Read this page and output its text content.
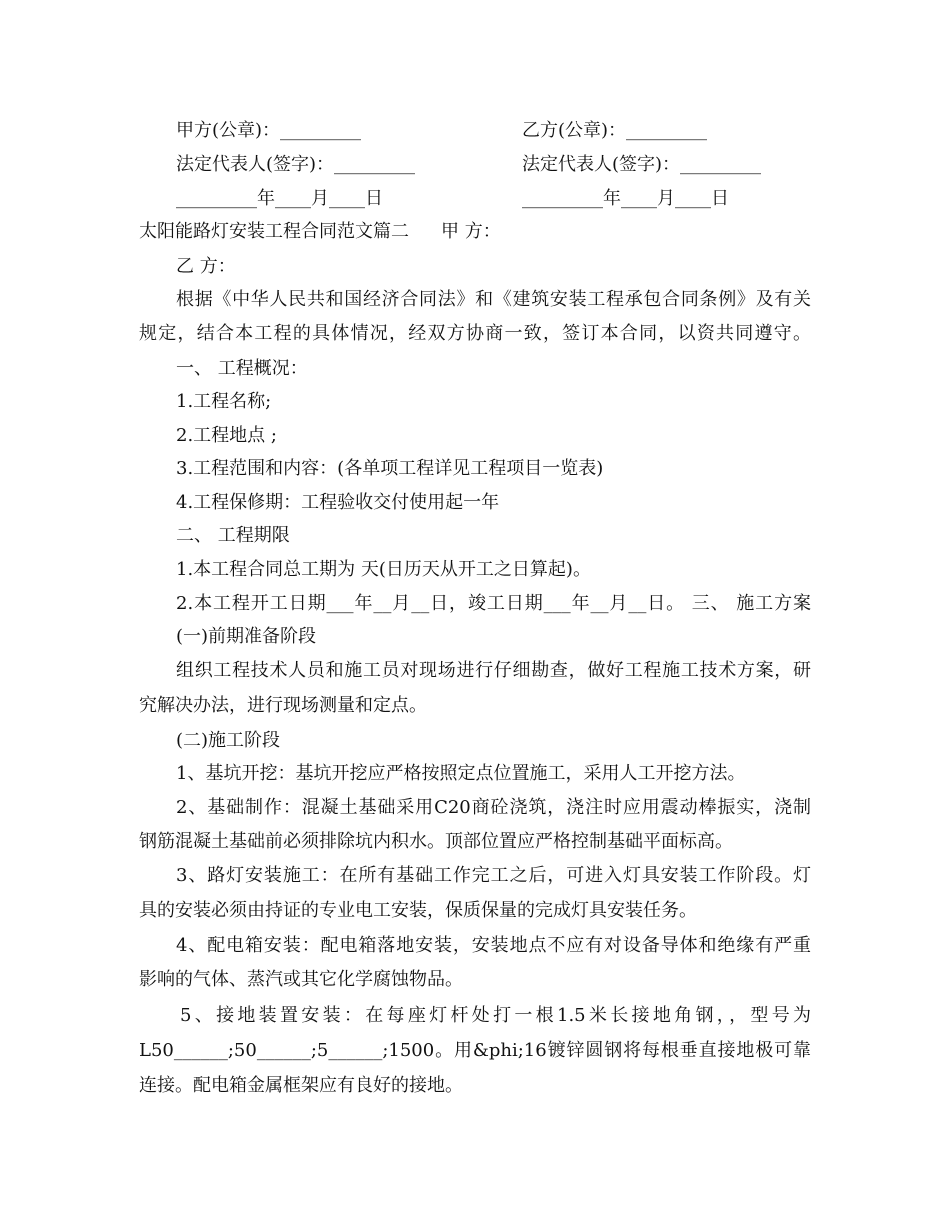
甲方(公章)：_________	乙方(公章)：_________
法定代表人(签字)：_________	法定代表人(签字)：_________
_________年____月____日	_________年____月____日
太阳能路灯安装工程合同范文篇二 甲 方：
乙 方：
根据《中华人民共和国经济合同法》和《建筑安装工程承包合同条例》及有关
规定，结合本工程的具体情况，经双方协商一致，签订本合同，以资共同遵守。
一、 工程概况：
1.工程名称;
2.工程地点 ;
3.工程范围和内容：(各单项工程详见工程项目一览表)
4.工程保修期：工程验收交付使用起一年
二、 工程期限
1.本工程合同总工期为 天(日历天从开工之日算起)。
2.本工程开工日期___年__月__日，竣工日期___年__月__日。 三、 施工方案
(一)前期准备阶段
组织工程技术人员和施工员对现场进行仔细勘查，做好工程施工技术方案，研
究解决办法，进行现场测量和定点。
(二)施工阶段
1、基坑开挖：基坑开挖应严格按照定点位置施工，采用人工开挖方法。
2、基础制作：混凝土基础采用C20商砼浇筑，浇注时应用震动棒振实，浇制
钢筋混凝土基础前必须排除坑内积水。顶部位置应严格控制基础平面标高。
3、路灯安装施工：在所有基础工作完工之后，可进入灯具安装工作阶段。灯
具的安装必须由持证的专业电工安装，保质保量的完成灯具安装任务。
4、配电箱安装：配电箱落地安装，安装地点不应有对设备导体和绝缘有严重
影响的气体、蒸汽或其它化学腐蚀物品。
5、接地装置安装：在每座灯杆处打一根1.5米长接地角钢，，型号为
L50______;50______;5______;1500。用&phi;16镀锌圆钢将每根垂直接地极可靠
连接。配电箱金属框架应有良好的接地。
